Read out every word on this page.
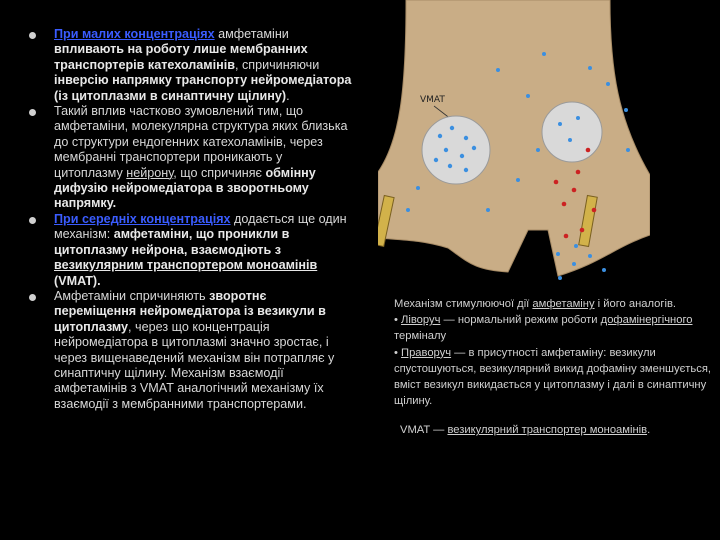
При малих концентраціях амфетаміни впливають на роботу лише мембранних транспортерів катехоламінів, спричиняючи інверсію напрямку транспорту нейромедіатора (із цитоплазми в синаптичну щілину).
Такий вплив частково зумовлений тим, що амфетаміни, молекулярна структура яких близька до структури ендогенних катехоламінів, через мембранні транспортери проникають у цитоплазму нейрону, що спричиняє обмінну дифузію нейромедіатора в зворотньому напрямку.
При середніх концентраціях додається ще один механізм: амфетаміни, що проникли в цитоплазму нейрона, взаємодіють з везикулярним транспортером моноамінів (VMAT).
Амфетаміни спричиняють зворотнє переміщення нейромедіатора із везикули в цитоплазму, через що концентрація нейромедіатора в цитоплазмі значно зростає, і через вищенаведений механізм він потрапляє у синаптичну щілину. Механізм взаємодії амфетамінів з VMAT аналогічний механізму їх взаємодії з мембранними транспортерами.
VMAT

Механізм стимулюючої дії амфетаміну і його аналогів.

• Ліворуч — нормальний режим роботи дофамінергічного терміналу

• Праворуч — в присутності амфетаміну: везикули спустошуються, везикулярний викид дофаміну зменшується, вміст везикул викидається у цитоплазму і далі в синаптичну щілину.

VMAT — везикулярний транспортер моноамінів.
